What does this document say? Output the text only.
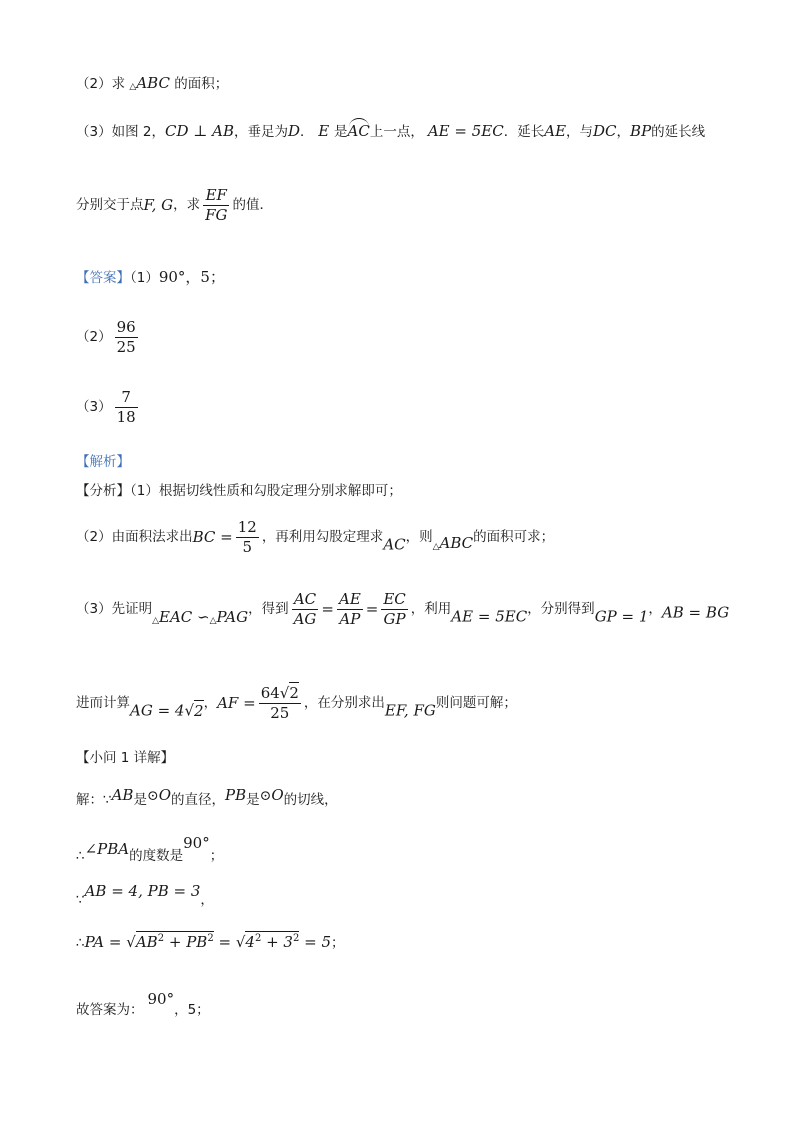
（2）求 △ABC 的面积；
（3）如图 2，CD ⊥ AB，垂足为D． E 是AC上一点， AE = 5EC．延长AE，与DC，BP的延长线
分别交于点F, G，求 $\frac{EF}{FG}$ 的值．
【答案】（1）90°，5；
$(2) \frac{96}{25}$
$(3) \frac{7}{18}$
【解析】
【分析】（1）根据切线性质和勾股定理分别求解即可；
（2）由面积法求出BC = $\frac{12}{5}$ ，再利用勾股定理求AC，则△ABC的面积可求；
（3）先证明△EAC ∽△PAG，得到 $\frac{AC}{AG} = \frac{AE}{AP} = \frac{EC}{GP}$ ，利用AE = 5EC，分别得到GP = 1，AB = BG
进而计算AG = 4√2，AF = $\frac{64√2}{25}$ ，在分别求出EF, FG则问题可解；
【小问 1 详解】
解：∵AB是⊙O的直径，PB是⊙O的切线，
∴∠PBA的度数是90°；
∵AB = 4, PB = 3，
∴PA = $√AB^2 + PB^2 = √4^2 + 3^2 = 5$；
故答案为：90°，5；
